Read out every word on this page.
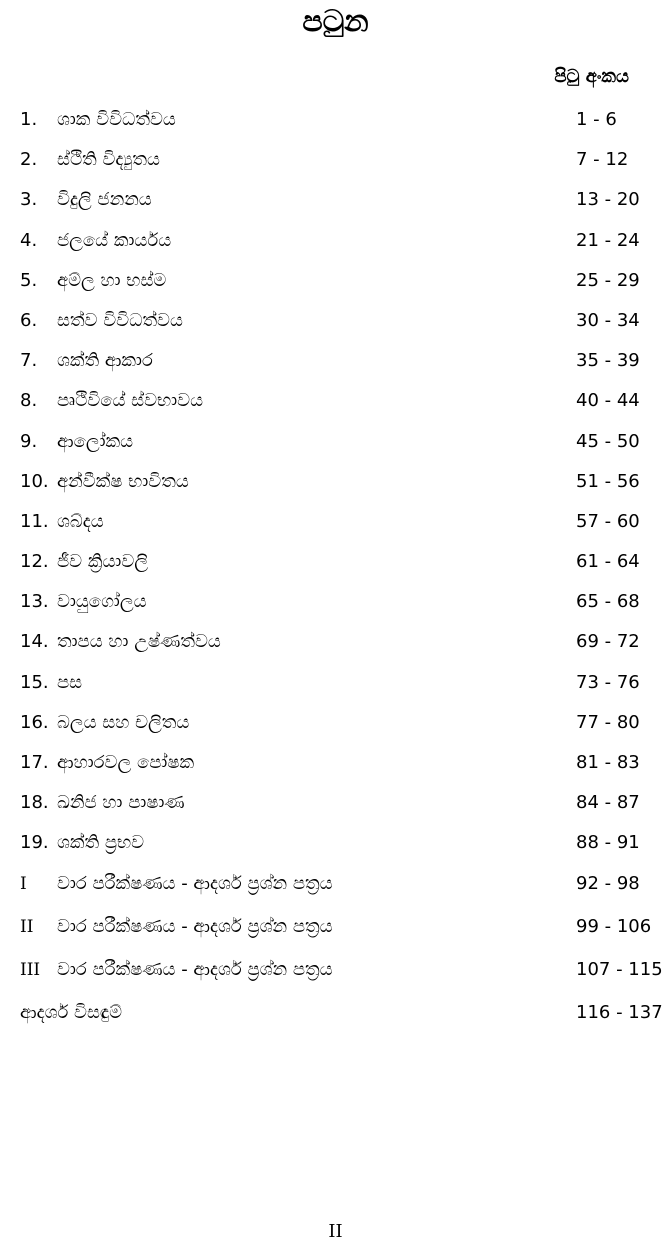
පටුන
පිටු අංකය
1. ශාක විවිධත්වය	1 - 6
2. ස්ථිති විද්‍යුතය	7 - 12
3. විදුලි ජනනය	13 - 20
4. ජලයේ කාර්යය	21 - 24
5. අම්ල හා භස්ම	25 - 29
6. සත්ව විවිධත්වය	30 - 34
7. ශක්ති ආකාර	35 - 39
8. පෘථිවියේ ස්වභාවය	40 - 44
9. ආලෝකය	45 - 50
10. අන්වීක්ෂ භාවිතය	51 - 56
11. ශබ්දය	57 - 60
12. ජීව ක්‍රියාවලි	61 - 64
13. වායුගෝලය	65 - 68
14. තාපය හා උෂ්ණත්වය	69 - 72
15. පස	73 - 76
16. බලය සහ චලිතය	77 - 80
17. ආහාරවල පෝෂක	81 - 83
18. ඛනිජ හා පාෂාණ	84 - 87
19. ශක්ති ප්‍රභව	88 - 91
I වාර පරීක්ෂණය - ආදර්ශ ප්‍රශ්න පත්‍රය	92 - 98
II වාර පරීක්ෂණය - ආදර්ශ ප්‍රශ්න පත්‍රය	99 - 106
III වාර පරීක්ෂණය - ආදර්ශ ප්‍රශ්න පත්‍රය	107 - 115
ආදර්ශ විසඳුම්	116 - 137
II
